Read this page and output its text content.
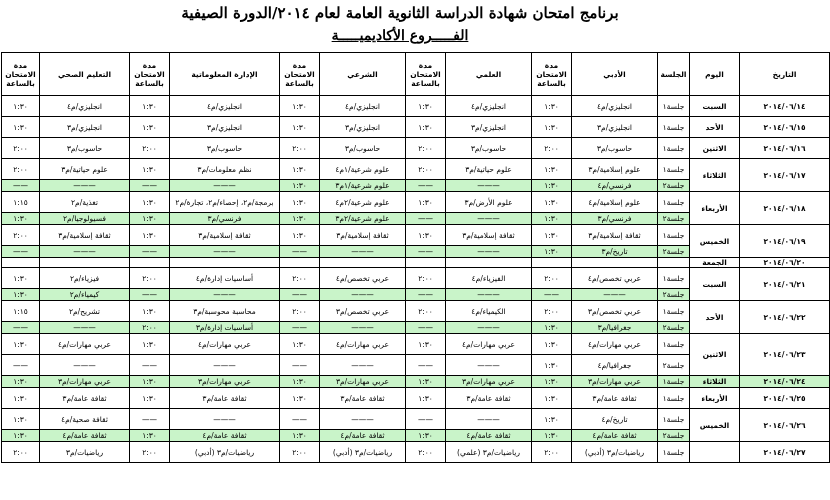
برنامج امتحان شهادة الدراسة الثانوية العامة لعام ٢٠١٤/الدورة الصيفية
الفـــــروع الأكاديميـــــة
التاريخ	اليوم	الجلسة	الأدبي	مدة الامتحان بالساعة	العلمي	مدة الامتحان بالساعة	الشرعي	مدة الامتحان بالساعة	الإدارة المعلوماتية	مدة الامتحان بالساعة	التعليم الصحي	مدة الامتحان بالساعة
٢٠١٤/٠٦/١٤	السبت	جلسة١	انجليزي/م٤	١:٣٠	انجليزي/م٤	١:٣٠	انجليزي/م٤	١:٣٠	انجليزي/م٤	١:٣٠	انجليزي/م٤	١:٣٠
٢٠١٤/٠٦/١٥	الأحد	جلسة١	انجليزي/م٣	١:٣٠	انجليزي/م٣	١:٣٠	انجليزي/م٣	١:٣٠	انجليزي/م٣	١:٣٠	انجليزي/م٣	١:٣٠
٢٠١٤/٠٦/١٦	الاثنين	جلسة١	حاسوب/م٣	٢:٠٠	حاسوب/م٣	٢:٠٠	حاسوب/م٣	٢:٠٠	حاسوب/م٣	٢:٠٠	حاسوب/م٣	٢:٠٠
٢٠١٤/٠٦/١٧	الثلاثاء	جلسة١	علوم إسلامية/م٣	١:٣٠	علوم حياتية/م٣	٢:٠٠	علوم شرعية/١م٤	١:٣٠	نظم معلومات/م٣	١:٣٠	علوم حياتية/م٣	٢:٠٠
		جلسة٢	فرنسي/م٤	١:٣٠	———	——	علوم شرعية/١م٣	١:٣٠	———	——	———	——
٢٠١٤/٠٦/١٨	الأربعاء	جلسة١	علوم إسلامية/م٤	١:٣٠	علوم الأرض/م٣	١:٣٠	علوم شرعية/٢م٤	١:٣٠	برمجة/م٢، إحصاء/م٢، تجارة/م٢	١:٣٠	تغذية/م٢	١:١٥
		جلسة٢	فرنسي/م٣	١:٣٠	———	——	علوم شرعية/٢م٣	١:٣٠	فرنسي/م٣	١:٣٠	فسيولوجيا/م٢	١:٣٠
٢٠١٤/٠٦/١٩	الخميس	جلسة١	ثقافة إسلامية/م٣	١:٣٠	ثقافة إسلامية/م٣	١:٣٠	ثقافة إسلامية/م٣	١:٣٠	ثقافة إسلامية/م٣	١:٣٠	ثقافة إسلامية/م٣	٢:٠٠
		جلسة٢	تاريخ/م٣	١:٣٠	———	——	———	——	———	——	———	——
٢٠١٤/٠٦/٢٠	الجمعة											
٢٠١٤/٠٦/٢١	السبت	جلسة١	عربي تخصص/م٤	٢:٠٠	الفيزياء/م٤	٢:٠٠	عربي تخصص/م٤	٢:٠٠	أساسيات إدارة/م٤	٢:٠٠	فيزياء/م٢	١:٣٠
		جلسة٢	———	——	———	——	———	——	———	——	كيمياء/م٢	١:٣٠
٢٠١٤/٠٦/٢٢	الأحد	جلسة١	عربي تخصص/م٣	٢:٠٠	الكيمياء/م٤	٢:٠٠	عربي تخصص/م٣	٢:٠٠	محاسبة محوسبة/م٣	١:٣٠	تشريح/م٢	١:١٥
		جلسة٢	جغرافيا/م٣	١:٣٠	———	——	———	——	أساسيات إدارة/م٣	٢:٠٠	———	——
٢٠١٤/٠٦/٢٣	الاثنين	جلسة١	عربي مهارات/م٤	١:٣٠	عربي مهارات/م٤	١:٣٠	عربي مهارات/م٤	١:٣٠	عربي مهارات/م٤	١:٣٠	عربي مهارات/م٤	١:٣٠
		جلسة٢	جغرافيا/م٤	١:٣٠	———	——	———	——	———	——	———	——
٢٠١٤/٠٦/٢٤	الثلاثاء	جلسة١	عربي مهارات/م٣	١:٣٠	عربي مهارات/م٣	١:٣٠	عربي مهارات/م٣	١:٣٠	عربي مهارات/م٣	١:٣٠	عربي مهارات/م٣	١:٣٠
٢٠١٤/٠٦/٢٥	الأربعاء	جلسة١	ثقافة عامة/م٣	١:٣٠	ثقافة عامة/م٣	١:٣٠	ثقافة عامة/م٣	١:٣٠	ثقافة عامة/م٣	١:٣٠	ثقافة عامة/م٣	١:٣٠
٢٠١٤/٠٦/٢٦	الخميس	جلسة١	تاريخ/م٤	١:٣٠	———	——	———	——	———	——	ثقافة صحية/م٤	١:٣٠
		جلسة٢	ثقافة عامة/م٤	١:٣٠	ثقافة عامة/م٤	١:٣٠	ثقافة عامة/م٤	١:٣٠	ثقافة عامة/م٤	١:٣٠	ثقافة عامة/م٤	١:٣٠
٢٠١٤/٠٦/٢٧		جلسة١	رياضيات/م٣ (أدبي)	٢:٠٠	رياضيات/م٣ (علمي)	٢:٠٠	رياضيات/م٣ (أدبي)	٢:٠٠	رياضيات/م٣ (أدبي)	٢:٠٠	رياضيات/م٣	٢:٠٠
